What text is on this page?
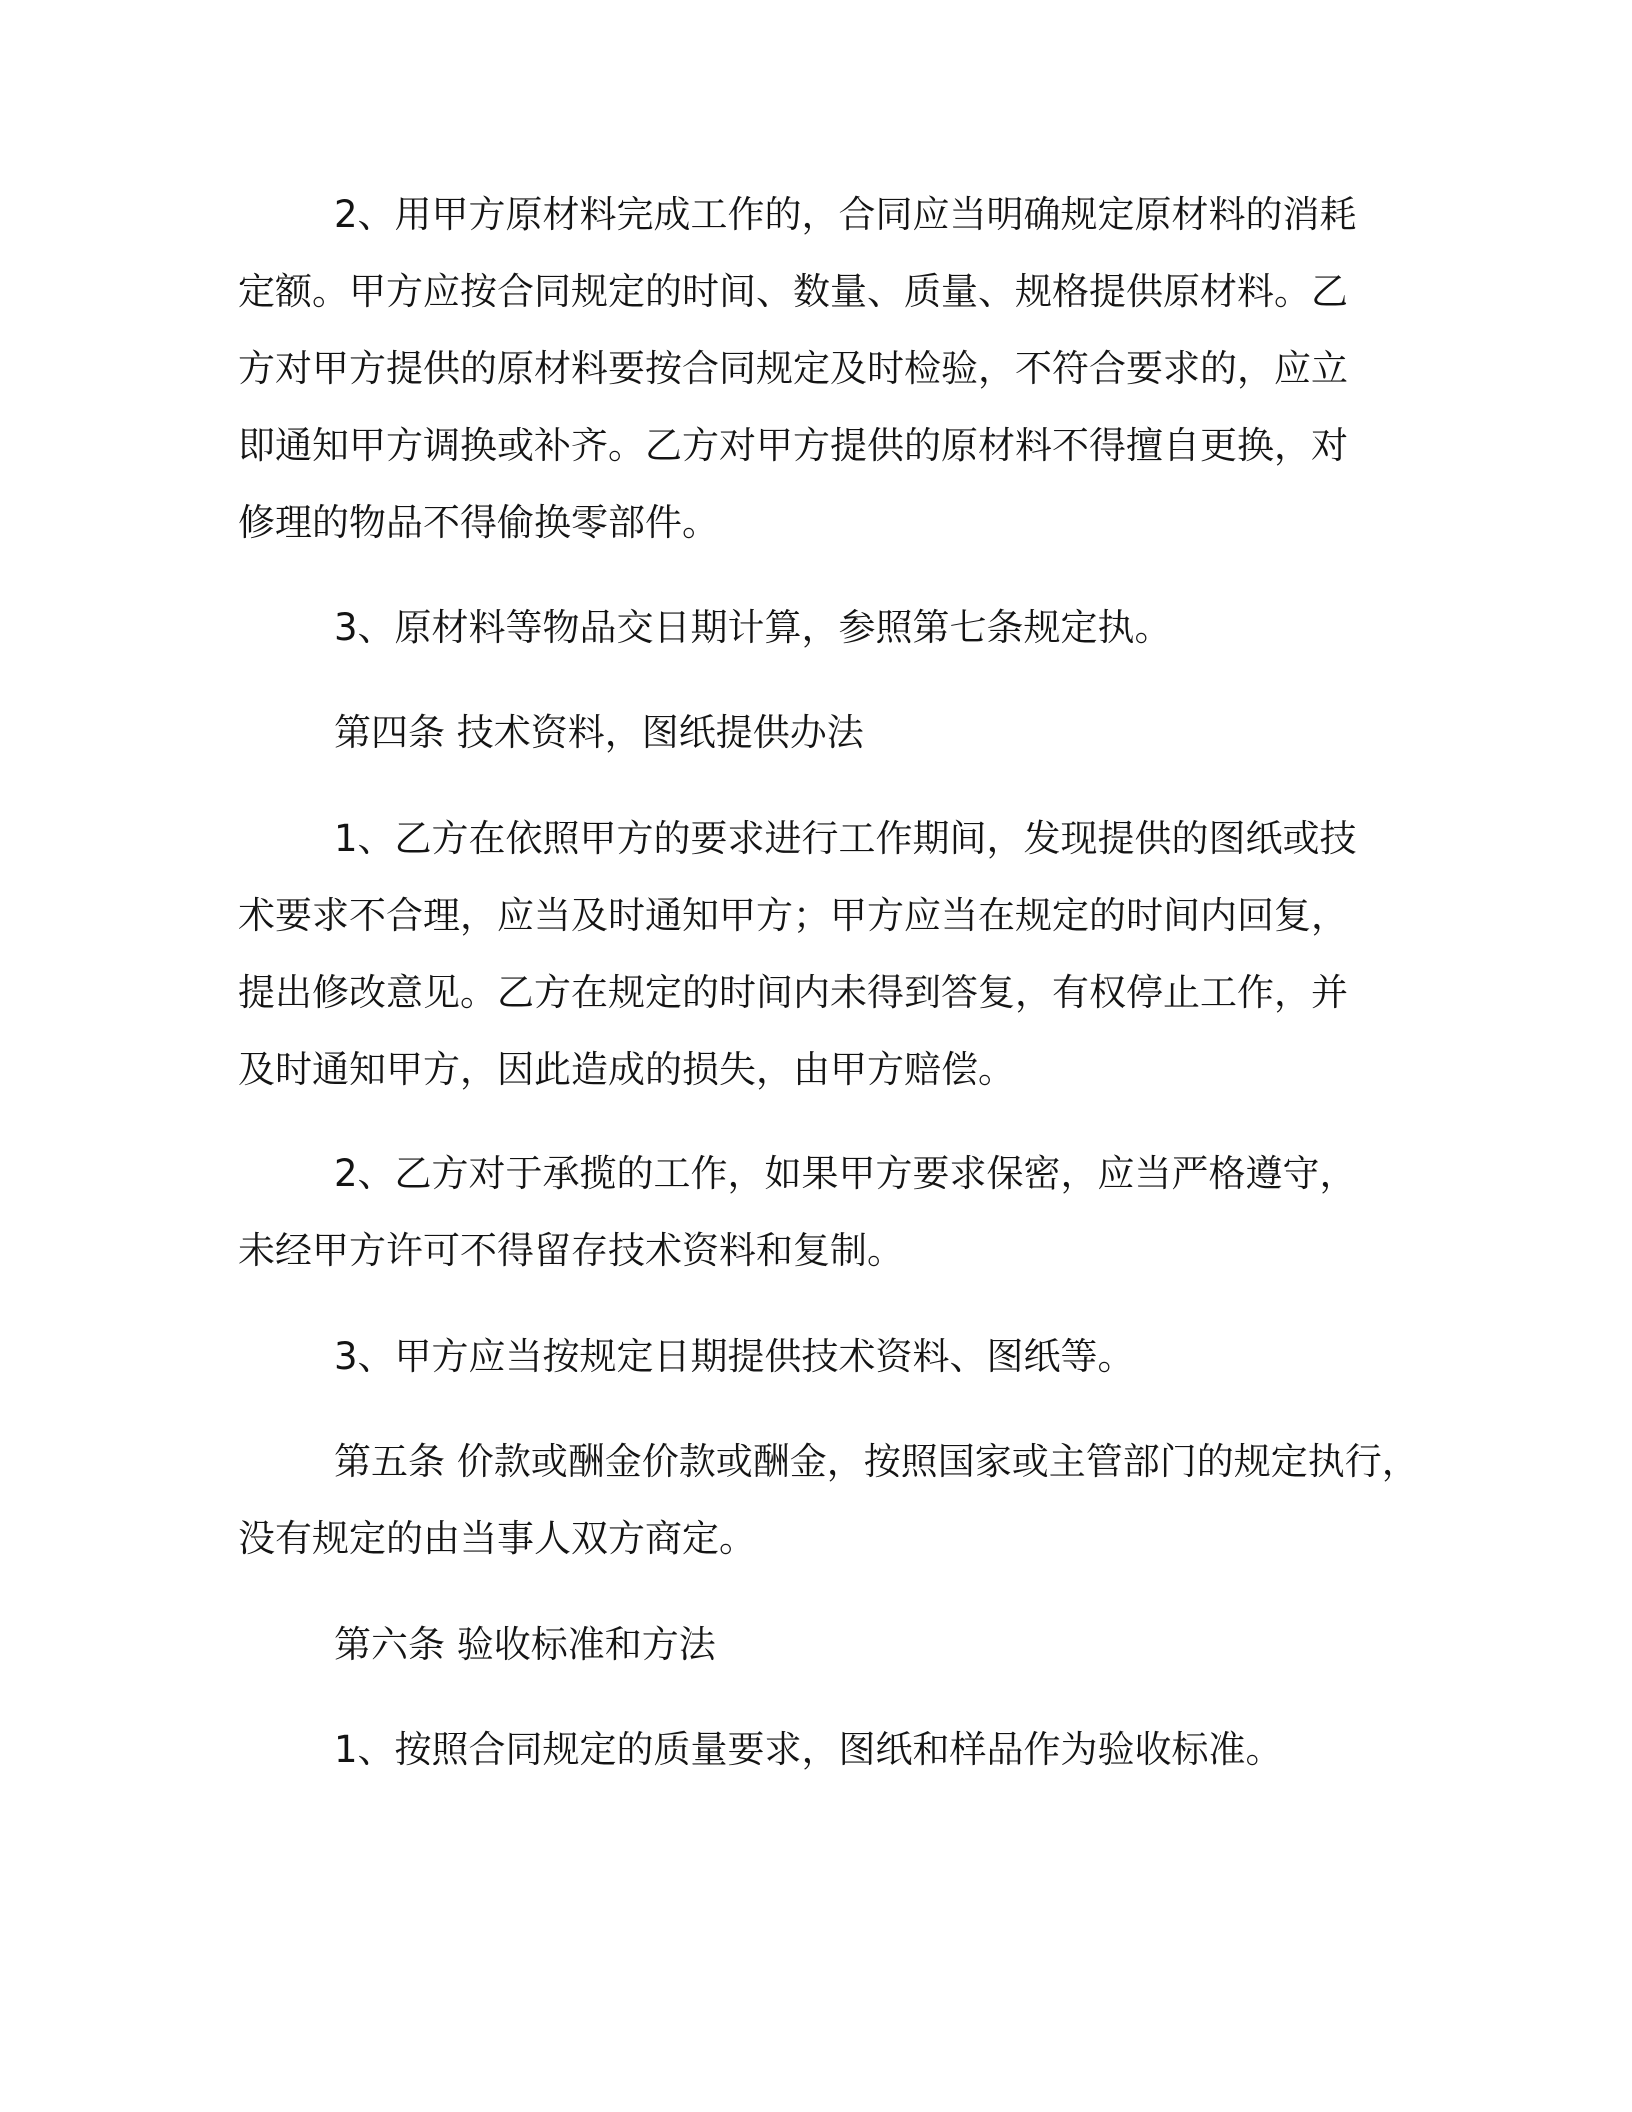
2、用甲方原材料完成工作的，合同应当明确规定原材料的消耗
定额。甲方应按合同规定的时间、数量、质量、规格提供原材料。乙
方对甲方提供的原材料要按合同规定及时检验，不符合要求的，应立
即通知甲方调换或补齐。乙方对甲方提供的原材料不得擅自更换，对
修理的物品不得偷换零部件。
3、原材料等物品交日期计算，参照第七条规定执。
第四条 技术资料，图纸提供办法
1、乙方在依照甲方的要求进行工作期间，发现提供的图纸或技
术要求不合理，应当及时通知甲方；甲方应当在规定的时间内回复，
提出修改意见。乙方在规定的时间内未得到答复，有权停止工作，并
及时通知甲方，因此造成的损失，由甲方赔偿。
2、乙方对于承揽的工作，如果甲方要求保密，应当严格遵守，
未经甲方许可不得留存技术资料和复制。
3、甲方应当按规定日期提供技术资料、图纸等。
第五条 价款或酬金价款或酬金，按照国家或主管部门的规定执行，
没有规定的由当事人双方商定。
第六条 验收标准和方法
1、按照合同规定的质量要求，图纸和样品作为验收标准。
